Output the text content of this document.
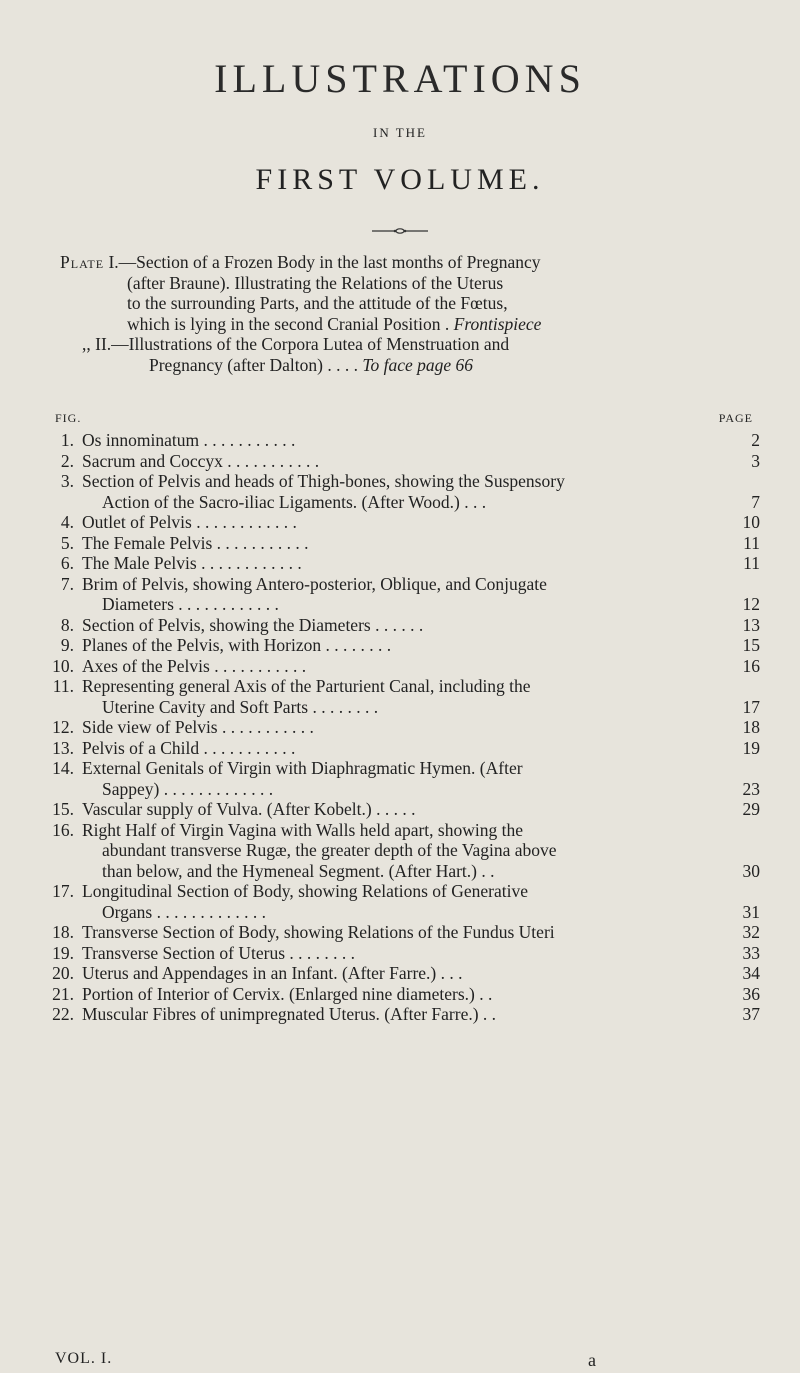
ILLUSTRATIONS
IN THE
FIRST VOLUME.
Plate I.—Section of a Frozen Body in the last months of Pregnancy
(after Braune). Illustrating the Relations of the Uterus
to the surrounding Parts, and the attitude of the Fœtus,
which is lying in the second Cranial Position . Frontispiece
,, II.—Illustrations of the Corpora Lutea of Menstruation and
Pregnancy (after Dalton) . . . . To face page 66
FIG.	PAGE
1. Os innominatum . . . . . . . . . . .	2
2. Sacrum and Coccyx . . . . . . . . . . .	3
3. Section of Pelvis and heads of Thigh-bones, showing the Suspensory
Action of the Sacro-iliac Ligaments. (After Wood.) . . .	7
4. Outlet of Pelvis . . . . . . . . . . . .	10
5. The Female Pelvis . . . . . . . . . . .	11
6. The Male Pelvis . . . . . . . . . . . .	11
7. Brim of Pelvis, showing Antero-posterior, Oblique, and Conjugate
Diameters . . . . . . . . . . . .	12
8. Section of Pelvis, showing the Diameters . . . . . .	13
9. Planes of the Pelvis, with Horizon . . . . . . . .	15
10. Axes of the Pelvis . . . . . . . . . . .	16
11. Representing general Axis of the Parturient Canal, including the
Uterine Cavity and Soft Parts . . . . . . . .	17
12. Side view of Pelvis . . . . . . . . . . .	18
13. Pelvis of a Child . . . . . . . . . . .	19
14. External Genitals of Virgin with Diaphragmatic Hymen. (After
Sappey) . . . . . . . . . . . . .	23
15. Vascular supply of Vulva. (After Kobelt.) . . . . .	29
16. Right Half of Virgin Vagina with Walls held apart, showing the
abundant transverse Rugæ, the greater depth of the Vagina above
than below, and the Hymeneal Segment. (After Hart.) . .	30
17. Longitudinal Section of Body, showing Relations of Generative
Organs . . . . . . . . . . . . .	31
18. Transverse Section of Body, showing Relations of the Fundus Uteri	32
19. Transverse Section of Uterus . . . . . . . .	33
20. Uterus and Appendages in an Infant. (After Farre.) . . .	34
21. Portion of Interior of Cervix. (Enlarged nine diameters.) . .	36
22. Muscular Fibres of unimpregnated Uterus. (After Farre.) . .	37
VOL. I.	a
